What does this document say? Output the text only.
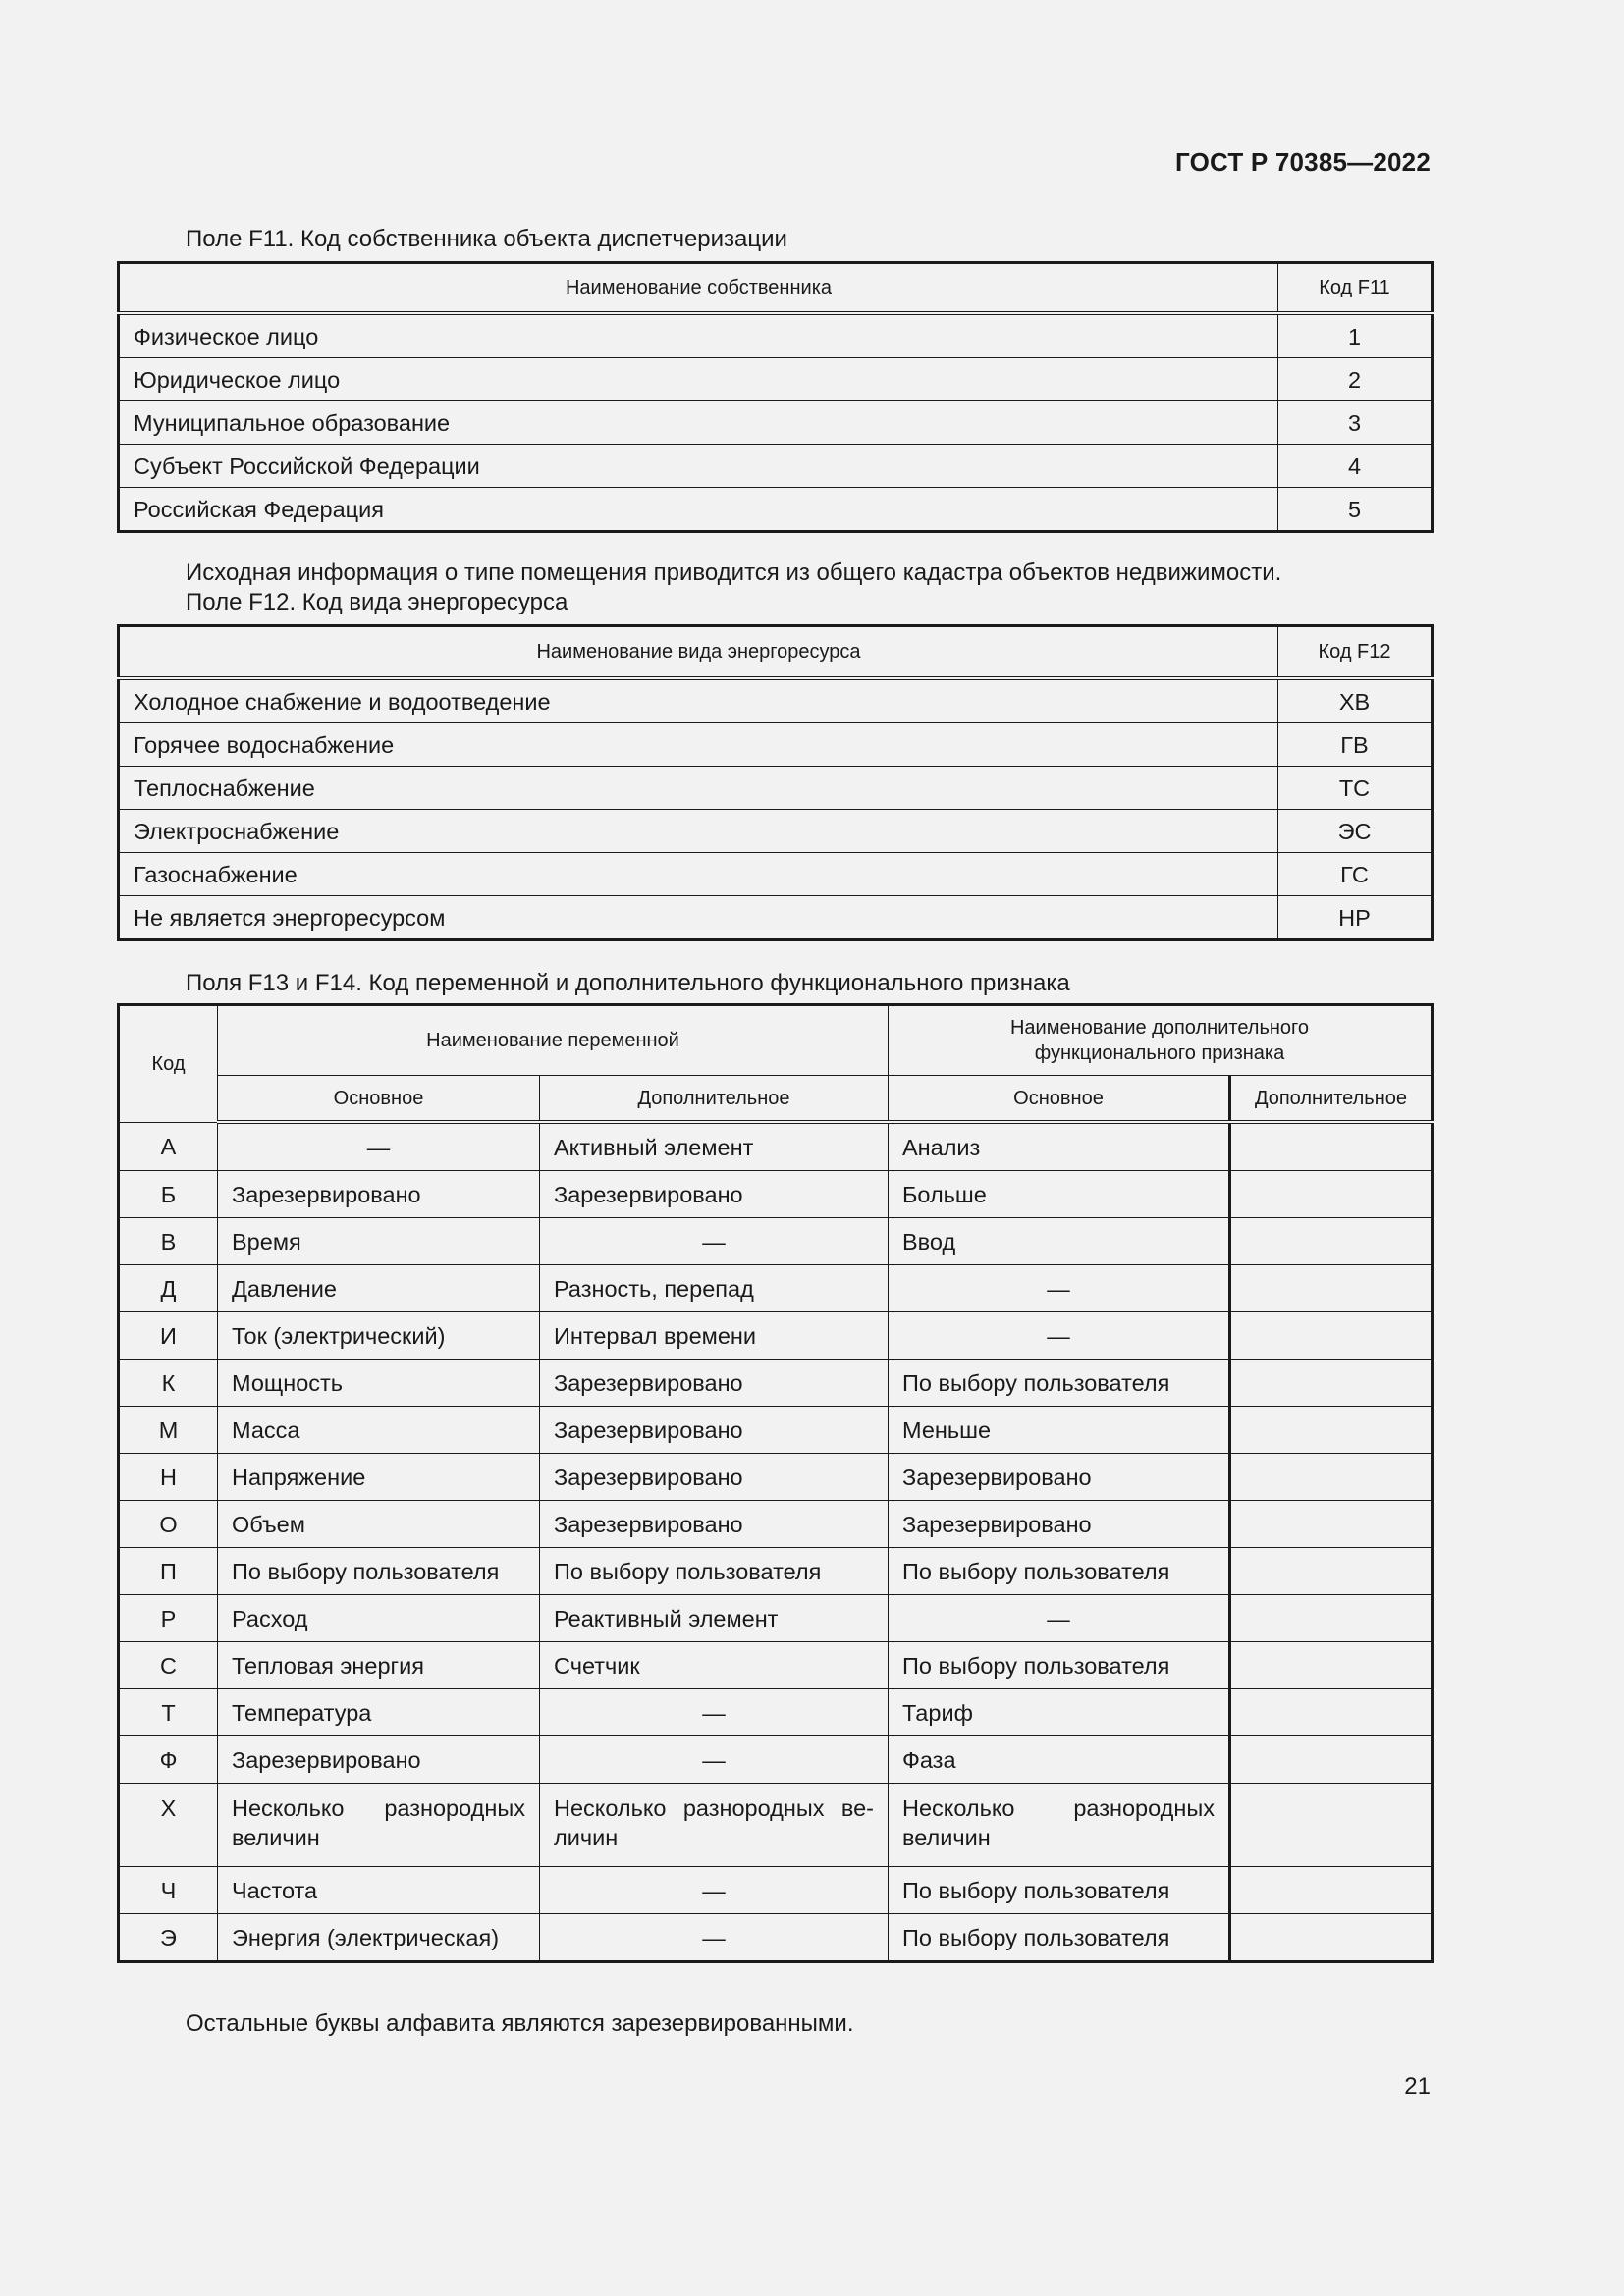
ГОСТ Р 70385—2022
Поле F11. Код собственника объекта диспетчеризации
Наименование собственника	Код F11
Физическое лицо	1
Юридическое лицо	2
Муниципальное образование	3
Субъект Российской Федерации	4
Российская Федерация	5
Исходная информация о типе помещения приводится из общего кадастра объектов недвижимости.
Поле F12. Код вида энергоресурса
Наименование вида энергоресурса	Код F12
Холодное снабжение и водоотведение	ХВ
Горячее водоснабжение	ГВ
Теплоснабжение	ТС
Электроснабжение	ЭС
Газоснабжение	ГС
Не является энергоресурсом	НР
Поля F13 и F14. Код переменной и дополнительного функционального признака
Код	Наименование переменной		Наименование дополнительного функционального признака	
	Основное	Дополнительное	Основное	Дополнительное
А	—	Активный элемент	Анализ	
Б	Зарезервировано	Зарезервировано	Больше	
В	Время	—	Ввод	
Д	Давление	Разность, перепад	—	
И	Ток (электрический)	Интервал времени	—	
К	Мощность	Зарезервировано	По выбору пользователя	
М	Масса	Зарезервировано	Меньше	
Н	Напряжение	Зарезервировано	Зарезервировано	
О	Объем	Зарезервировано	Зарезервировано	
П	По выбору пользователя	По выбору пользователя	По выбору пользователя	
Р	Расход	Реактивный элемент	—	
С	Тепловая энергия	Счетчик	По выбору пользователя	
Т	Температура	—	Тариф	
Ф	Зарезервировано	—	Фаза	
Х	Несколько разнородных величин	Несколько разнородных ве-личин	Несколько разнородных величин	
Ч	Частота	—	По выбору пользователя	
Э	Энергия (электрическая)	—	По выбору пользователя	
Остальные буквы алфавита являются зарезервированными.
21
